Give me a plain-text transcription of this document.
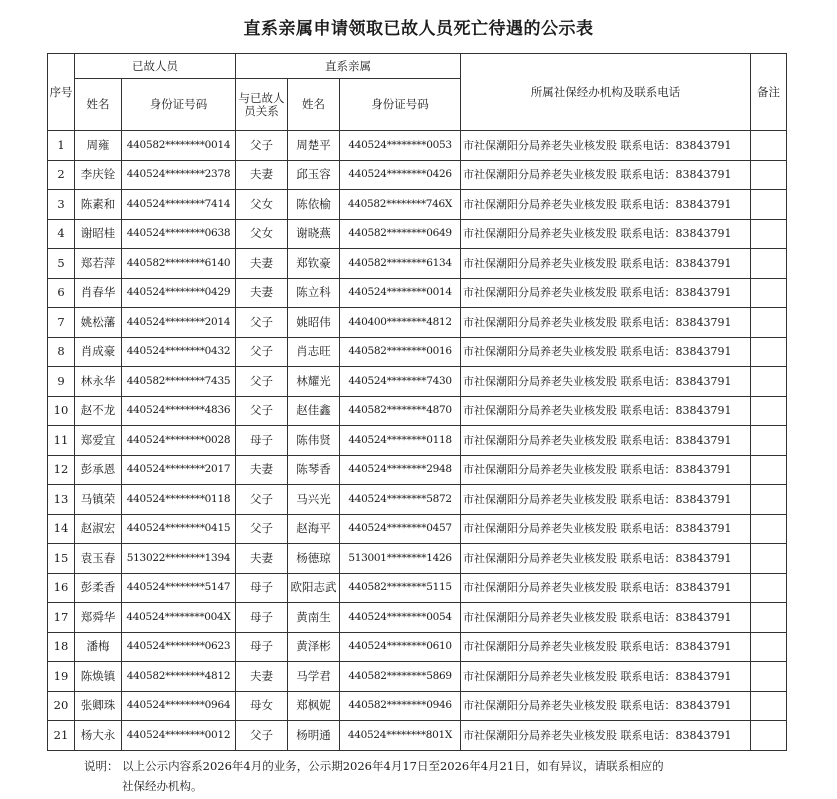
直系亲属申请领取已故人员死亡待遇的公示表
序号	已故人员		直系亲属			所属社保经办机构及联系电话	备注
	姓名	身份证号码	与已故人员关系	姓名	身份证号码		
1	周雍	440582********0014	父子	周楚平	440524********0053	市社保潮阳分局养老失业核发股 联系电话：83843791	
2	李庆铨	440524********2378	夫妻	邱玉容	440524********0426	市社保潮阳分局养老失业核发股 联系电话：83843791	
3	陈素和	440524********7414	父女	陈依榆	440582********746X	市社保潮阳分局养老失业核发股 联系电话：83843791	
4	谢昭桂	440524********0638	父女	谢晓燕	440582********0649	市社保潮阳分局养老失业核发股 联系电话：83843791	
5	郑若萍	440582********6140	夫妻	郑钦豪	440582********6134	市社保潮阳分局养老失业核发股 联系电话：83843791	
6	肖春华	440524********0429	夫妻	陈立科	440524********0014	市社保潮阳分局养老失业核发股 联系电话：83843791	
7	姚松藩	440524********2014	父子	姚昭伟	440400********4812	市社保潮阳分局养老失业核发股 联系电话：83843791	
8	肖成豪	440524********0432	父子	肖志旺	440582********0016	市社保潮阳分局养老失业核发股 联系电话：83843791	
9	林永华	440582********7435	父子	林耀光	440524********7430	市社保潮阳分局养老失业核发股 联系电话：83843791	
10	赵不龙	440524********4836	父子	赵佳鑫	440582********4870	市社保潮阳分局养老失业核发股 联系电话：83843791	
11	郑爱宜	440524********0028	母子	陈伟贤	440524********0118	市社保潮阳分局养老失业核发股 联系电话：83843791	
12	彭承恩	440524********2017	夫妻	陈琴香	440524********2948	市社保潮阳分局养老失业核发股 联系电话：83843791	
13	马镇荣	440524********0118	父子	马兴光	440524********5872	市社保潮阳分局养老失业核发股 联系电话：83843791	
14	赵淑宏	440524********0415	父子	赵海平	440524********0457	市社保潮阳分局养老失业核发股 联系电话：83843791	
15	袁玉春	513022********1394	夫妻	杨德琼	513001********1426	市社保潮阳分局养老失业核发股 联系电话：83843791	
16	彭柔香	440524********5147	母子	欧阳志武	440582********5115	市社保潮阳分局养老失业核发股 联系电话：83843791	
17	郑舜华	440524********004X	母子	黄南生	440524********0054	市社保潮阳分局养老失业核发股 联系电话：83843791	
18	潘梅	440524********0623	母子	黄泽彬	440524********0610	市社保潮阳分局养老失业核发股 联系电话：83843791	
19	陈焕镇	440582********4812	夫妻	马学君	440582********5869	市社保潮阳分局养老失业核发股 联系电话：83843791	
20	张卿珠	440524********0964	母女	郑枫妮	440582********0946	市社保潮阳分局养老失业核发股 联系电话：83843791	
21	杨大永	440524********0012	父子	杨明通	440524********801X	市社保潮阳分局养老失业核发股 联系电话：83843791	
说明： 以上公示内容系2026年4月的业务，公示期2026年4月17日至2026年4月21日，如有异议，请联系相应的
社保经办机构。
